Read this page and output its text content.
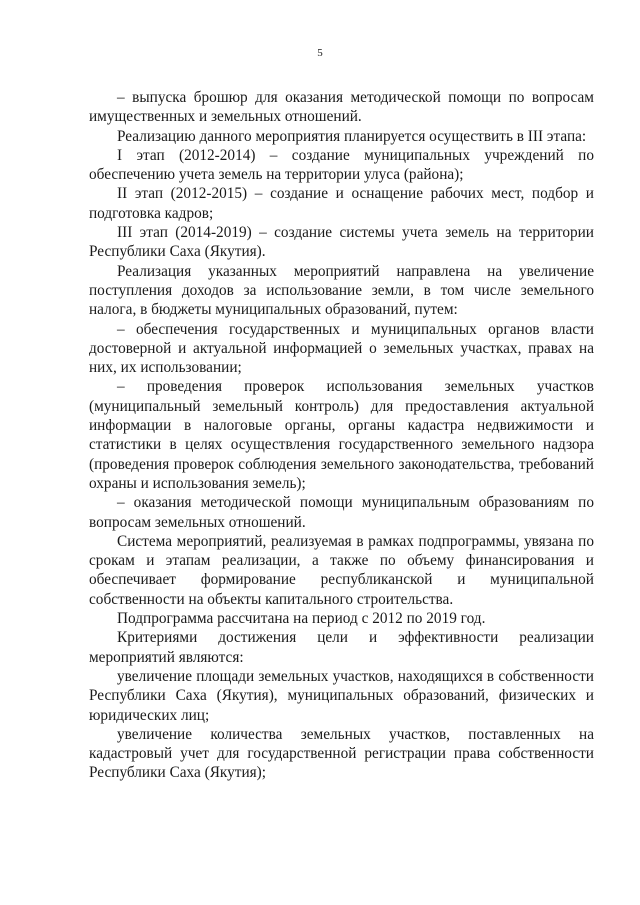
5

– выпуска брошюр для оказания методической помощи по вопросам имущественных и земельных отношений.

Реализацию данного мероприятия планируется осуществить в III этапа:

I этап (2012-2014) – создание муниципальных учреждений по обеспечению учета земель на территории улуса (района);

II этап (2012-2015) – создание и оснащение рабочих мест, подбор и подготовка кадров;

III этап (2014-2019) – создание системы учета земель на территории Республики Саха (Якутия).

Реализация указанных мероприятий направлена на увеличение поступления доходов за использование земли, в том числе земельного налога, в бюджеты муниципальных образований, путем:

– обеспечения государственных и муниципальных органов власти достоверной и актуальной информацией о земельных участках, правах на них, их использовании;

– проведения проверок использования земельных участков (муниципальный земельный контроль) для предоставления актуальной информации в налоговые органы, органы кадастра недвижимости и статистики в целях осуществления государственного земельного надзора (проведения проверок соблюдения земельного законодательства, требований охраны и использования земель);

– оказания методической помощи муниципальным образованиям по вопросам земельных отношений.

Система мероприятий, реализуемая в рамках подпрограммы, увязана по срокам и этапам реализации, а также по объему финансирования и обеспечивает формирование республиканской и муниципальной собственности на объекты капитального строительства.

Подпрограмма рассчитана на период с 2012 по 2019 год.

Критериями достижения цели и эффективности реализации мероприятий являются:

увеличение площади земельных участков, находящихся в собственности Республики Саха (Якутия), муниципальных образований, физических и юридических лиц;

увеличение количества земельных участков, поставленных на кадастровый учет для государственной регистрации права собственности Республики Саха (Якутия);
